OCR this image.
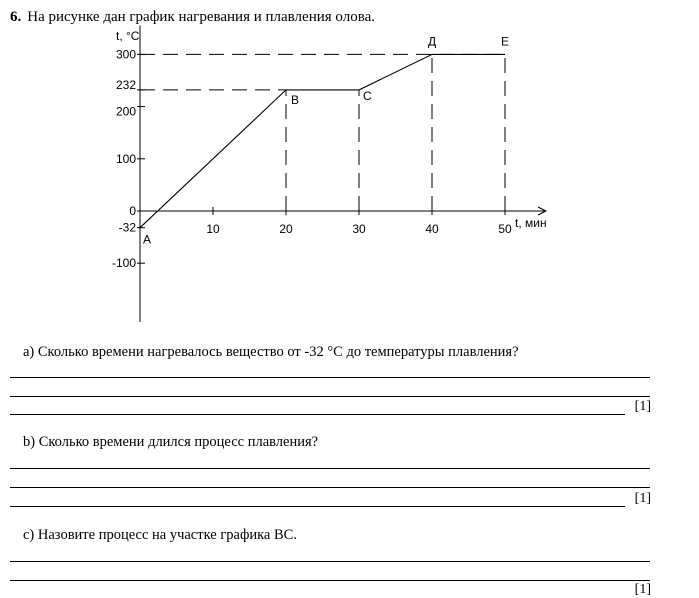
6. На рисунке дан график нагревания и плавления олова.
10	20	30	40	50
300
232
200
100
0
-32
-100
A
B	C
Д	E
t, °C
t, мин
a) Сколько времени нагревалось вещество от -32 °C до температуры плавления?
[1]
b) Сколько времени длился процесс плавления?
[1]
c) Назовите процесс на участке графика ВС.
[1]
